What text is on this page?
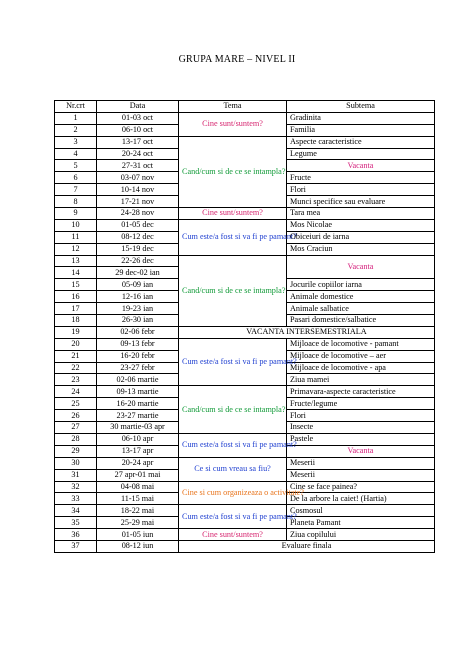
GRUPA MARE – NIVEL II
Nr.crt	Data	Tema	Subtema
1	01-03 oct	Cine sunt/suntem?	Gradinita
2	06-10 oct		Familia
3	13-17 oct	Cand/cum si de ce se intampla?	Aspecte caracteristice
4	20-24 oct		Legume
5	27-31 oct		Vacanta
6	03-07 nov		Fructe
7	10-14 nov		Flori
8	17-21 nov		Munci specifice sau evaluare
9	24-28 nov	Cine sunt/suntem?	Tara mea
10	01-05 dec	Cum este/a fost si va fi pe pamant?	Mos Nicolae
11	08-12 dec		Obiceiuri de iarna
12	15-19 dec		Mos Craciun
13	22-26 dec	Cand/cum si de ce se intampla?	Vacanta
14	29 dec-02 ian		
15	05-09 ian		Jocurile copiilor iarna
16	12-16 ian		Animale domestice
17	19-23 ian		Animale salbatice
18	26-30 ian		Pasari domestice/salbatice
19	02-06 febr	VACANTA INTERSEMESTRIALA	
20	09-13 febr	Cum este/a fost si va fi pe pamant?	Mijloace de locomotive - pamant
21	16-20 febr		Mijloace de locomotive – aer
22	23-27 febr		Mijloace de locomotive - apa
23	02-06 martie		Ziua mamei
24	09-13 martie	Cand/cum si de ce se intampla?	Primavara-aspecte caracteristice
25	16-20 martie		Fructe/legume
26	23-27 martie		Flori
27	30 martie-03 apr		Insecte
28	06-10 apr	Cum este/a fost si va fi pe pamant?	Pastele
29	13-17 apr		Vacanta
30	20-24 apr	Ce si cum vreau sa fiu?	Meserii
31	27 apr-01 mai		Meserii
32	04-08 mai	Cine si cum organizeaza o activitate?	Cine se face painea?
33	11-15 mai		De la arbore la caiet! (Hartia)
34	18-22 mai	Cum este/a fost si va fi pe pamant?	Cosmosul
35	25-29 mai		Planeta Pamant
36	01-05 iun	Cine sunt/suntem?	Ziua copilului
37	08-12 iun	Evaluare finala	
